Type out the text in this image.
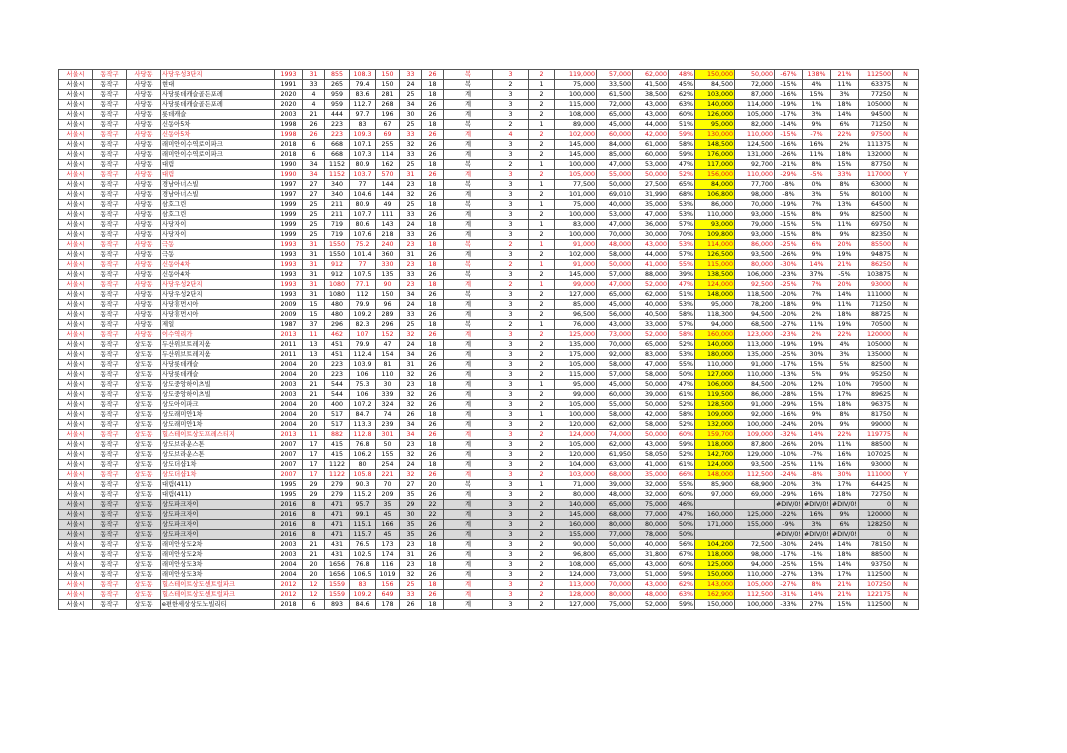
서울시	동작구	사당동	사당우성3단지	1993	31	855	108.3	150	33	26	복	3	2	119,000	57,000	62,000	48%	150,000	50,000	-67%	138%	21%	112500	N
서울시	동작구	사당동	현대	1991	33	265	79.4	150	24	18	복	2	1	75,000	33,500	41,500	45%	84,500	72,000	-15%	4%	11%	63375	N
서울시	동작구	사당동	사당롯데캐슬골든포레	2020	4	959	83.6	281	25	18	계	3	2	100,000	61,500	38,500	62%	103,000	87,000	-16%	15%	3%	77250	N
서울시	동작구	사당동	사당롯데캐슬골든포레	2020	4	959	112.7	268	34	26	계	3	2	115,000	72,000	43,000	63%	140,000	114,000	-19%	1%	18%	105000	N
서울시	동작구	사당동	롯데캐슬	2003	21	444	97.7	196	30	26	계	3	2	108,000	65,000	43,000	60%	126,000	105,000	-17%	3%	14%	94500	N
서울시	동작구	사당동	신동아5차	1998	26	223	83	67	25	18	복	2	1	89,000	45,000	44,000	51%	95,000	82,000	-14%	9%	6%	71250	N
서울시	동작구	사당동	신동아5차	1998	26	223	109.3	69	33	26	계	4	2	102,000	60,000	42,000	59%	130,000	110,000	-15%	-7%	22%	97500	N
서울시	동작구	사당동	래미안이수역로이파크	2018	6	668	107.1	255	32	26	계	3	2	145,000	84,000	61,000	58%	148,500	124,500	-16%	16%	2%	111375	N
서울시	동작구	사당동	래미안이수역로이파크	2018	6	668	107.3	114	33	26	계	3	2	145,000	85,000	60,000	59%	176,000	131,000	-26%	11%	18%	132000	N
서울시	동작구	사당동	대림	1990	34	1152	80.9	162	25	18	복	2	1	100,000	47,000	53,000	47%	117,000	92,700	-21%	8%	15%	87750	N
서울시	동작구	사당동	대림	1990	34	1152	103.7	570	31	26	계	3	2	105,000	55,000	50,000	52%	156,000	110,000	-29%	-5%	33%	117000	Y
서울시	동작구	사당동	경남아너스빌	1997	27	340	77	144	23	18	복	3	1	77,500	50,000	27,500	65%	84,000	77,700	-8%	0%	8%	63000	N
서울시	동작구	사당동	경남아너스빌	1997	27	340	104.6	144	32	26	계	3	2	101,000	69,010	31,990	68%	106,800	98,000	-8%	3%	5%	80100	N
서울시	동작구	사당동	삼호그린	1999	25	211	80.9	49	25	18	복	3	1	75,000	40,000	35,000	53%	86,000	70,000	-19%	7%	13%	64500	N
서울시	동작구	사당동	삼호그린	1999	25	211	107.7	111	33	26	계	3	2	100,000	53,000	47,000	53%	110,000	93,000	-15%	8%	9%	82500	N
서울시	동작구	사당동	사당자이	1999	25	719	80.6	143	24	18	계	3	1	83,000	47,000	36,000	57%	93,000	79,000	-15%	5%	11%	69750	N
서울시	동작구	사당동	사당자이	1999	25	719	107.6	218	33	26	계	3	2	100,000	70,000	30,000	70%	109,800	93,000	-15%	8%	9%	82350	N
서울시	동작구	사당동	극동	1993	31	1550	75.2	240	23	18	복	2	1	91,000	48,000	43,000	53%	114,000	86,000	-25%	6%	20%	85500	N
서울시	동작구	사당동	극동	1993	31	1550	101.4	360	31	26	계	3	2	102,000	58,000	44,000	57%	126,500	93,500	-26%	9%	19%	94875	N
서울시	동작구	사당동	신동아4차	1993	31	912	77	330	23	18	복	2	1	91,000	50,000	41,000	55%	115,000	80,000	-30%	14%	21%	86250	N
서울시	동작구	사당동	신동아4차	1993	31	912	107.5	135	33	26	복	3	2	145,000	57,000	88,000	39%	138,500	106,000	-23%	37%	-5%	103875	N
서울시	동작구	사당동	사당우성2단지	1993	31	1080	77.1	90	23	18	계	2	1	99,000	47,000	52,000	47%	124,000	92,500	-25%	7%	20%	93000	N
서울시	동작구	사당동	사당우성2단지	1993	31	1080	112	150	34	26	복	3	2	127,000	65,000	62,000	51%	148,000	118,500	-20%	7%	14%	111000	N
서울시	동작구	사당동	사당휴먼시아	2009	15	480	79.9	96	24	18	계	3	2	85,000	45,000	40,000	53%	95,000	78,200	-18%	9%	11%	71250	N
서울시	동작구	사당동	사당휴먼시아	2009	15	480	109.2	289	33	26	계	3	2	96,500	56,000	40,500	58%	118,300	94,500	-20%	2%	18%	88725	N
서울시	동작구	사당동	제일	1987	37	296	82.3	296	25	18	복	2	1	76,000	43,000	33,000	57%	94,000	68,500	-27%	11%	19%	70500	N
서울시	동작구	사당동	이수역리가	2013	11	462	107	152	32	26	계	3	2	125,000	73,000	52,000	58%	160,000	123,000	-23%	2%	22%	120000	N
서울시	동작구	상도동	두산위브트레지움	2011	13	451	79.9	47	24	18	계	3	2	135,000	70,000	65,000	52%	140,000	113,000	-19%	19%	4%	105000	N
서울시	동작구	상도동	두산위브트레지움	2011	13	451	112.4	154	34	26	계	3	2	175,000	92,000	83,000	53%	180,000	135,000	-25%	30%	3%	135000	N
서울시	동작구	상도동	사당롯데캐슬	2004	20	223	103.9	81	31	26	계	3	2	105,000	58,000	47,000	55%	110,000	91,000	-17%	15%	5%	82500	N
서울시	동작구	상도동	사당롯데캐슬	2004	20	223	106	110	32	26	계	3	2	115,000	57,000	58,000	50%	127,000	110,000	-13%	5%	9%	95250	N
서울시	동작구	상도동	상도중앙하이츠빌	2003	21	544	75.3	30	23	18	계	3	1	95,000	45,000	50,000	47%	106,000	84,500	-20%	12%	10%	79500	N
서울시	동작구	상도동	상도중앙하이츠빌	2003	21	544	106	339	32	26	계	3	2	99,000	60,000	39,000	61%	119,500	86,000	-28%	15%	17%	89625	N
서울시	동작구	상도동	상도아이파크	2004	20	400	107.2	324	32	26	계	3	2	105,000	55,000	50,000	52%	128,500	91,000	-29%	15%	18%	96375	N
서울시	동작구	상도동	상도래미안1차	2004	20	517	84.7	74	26	18	계	3	1	100,000	58,000	42,000	58%	109,000	92,000	-16%	9%	8%	81750	N
서울시	동작구	상도동	상도래미안1차	2004	20	517	113.3	239	34	26	계	3	2	120,000	62,000	58,000	52%	132,000	100,000	-24%	20%	9%	99000	N
서울시	동작구	상도동	힐스테이트상도프레스티지	2013	11	882	112.8	301	34	26	계	3	2	124,000	74,000	50,000	60%	159,700	109,000	-32%	14%	22%	119775	N
서울시	동작구	상도동	상도브라운스톤	2007	17	415	76.8	50	23	18	계	3	2	105,000	62,000	43,000	59%	118,000	87,800	-26%	20%	11%	88500	N
서울시	동작구	상도동	상도브라운스톤	2007	17	415	106.2	155	32	26	계	3	2	120,000	61,950	58,050	52%	142,700	129,000	-10%	-7%	16%	107025	N
서울시	동작구	상도동	상도더샵1차	2007	17	1122	80	254	24	18	계	3	2	104,000	63,000	41,000	61%	124,000	93,500	-25%	11%	16%	93000	N
서울시	동작구	상도동	상도더샵1차	2007	17	1122	105.8	221	32	26	계	3	2	103,000	68,000	35,000	66%	148,000	112,500	-24%	-8%	30%	111000	Y
서울시	동작구	상도동	대림(411)	1995	29	279	90.3	70	27	20	복	3	1	71,000	39,000	32,000	55%	85,900	68,900	-20%	3%	17%	64425	N
서울시	동작구	상도동	대림(411)	1995	29	279	115.2	209	35	26	계	3	2	80,000	48,000	32,000	60%	97,000	69,000	-29%	16%	18%	72750	N
서울시	동작구	상도동	상도파크자이	2016	8	471	95.7	35	29	22	계	3	2	140,000	65,000	75,000	46%			#DIV/0!	#DIV/0!	#DIV/0!	0	N
서울시	동작구	상도동	상도파크자이	2016	8	471	99.1	45	30	22	계	3	2	145,000	68,000	77,000	47%	160,000	125,000	-22%	16%	9%	120000	N
서울시	동작구	상도동	상도파크자이	2016	8	471	115.1	166	35	26	계	3	2	160,000	80,000	80,000	50%	171,000	155,000	-9%	3%	6%	128250	N
서울시	동작구	상도동	상도파크자이	2016	8	471	115.7	45	35	26	계	3	2	155,000	77,000	78,000	50%			#DIV/0!	#DIV/0!	#DIV/0!	0	N
서울시	동작구	상도동	래미안상도2차	2003	21	431	76.5	173	23	18	계	3	2	90,000	50,000	40,000	56%	104,200	72,500	-30%	24%	14%	78150	N
서울시	동작구	상도동	래미안상도2차	2003	21	431	102.5	174	31	26	계	3	2	96,800	65,000	31,800	67%	118,000	98,000	-17%	-1%	18%	88500	N
서울시	동작구	상도동	래미안상도3차	2004	20	1656	76.8	116	23	18	계	3	2	108,000	65,000	43,000	60%	125,000	94,000	-25%	15%	14%	93750	N
서울시	동작구	상도동	래미안상도3차	2004	20	1656	106.5	1019	32	26	계	3	2	124,000	73,000	51,000	59%	150,000	110,000	-27%	13%	17%	112500	N
서울시	동작구	상도동	힐스테이트상도센트럴파크	2012	12	1559	83	156	25	18	계	3	2	113,000	70,000	43,000	62%	143,000	105,000	-27%	8%	21%	107250	N
서울시	동작구	상도동	힐스테이트상도센트럴파크	2012	12	1559	109.2	649	33	26	계	3	2	128,000	80,000	48,000	63%	162,900	112,500	-31%	14%	21%	122175	N
서울시	동작구	상도동	e편한세상상도노빌리티	2018	6	893	84.6	178	26	18	계	3	2	127,000	75,000	52,000	59%	150,000	100,000	-33%	27%	15%	112500	N
